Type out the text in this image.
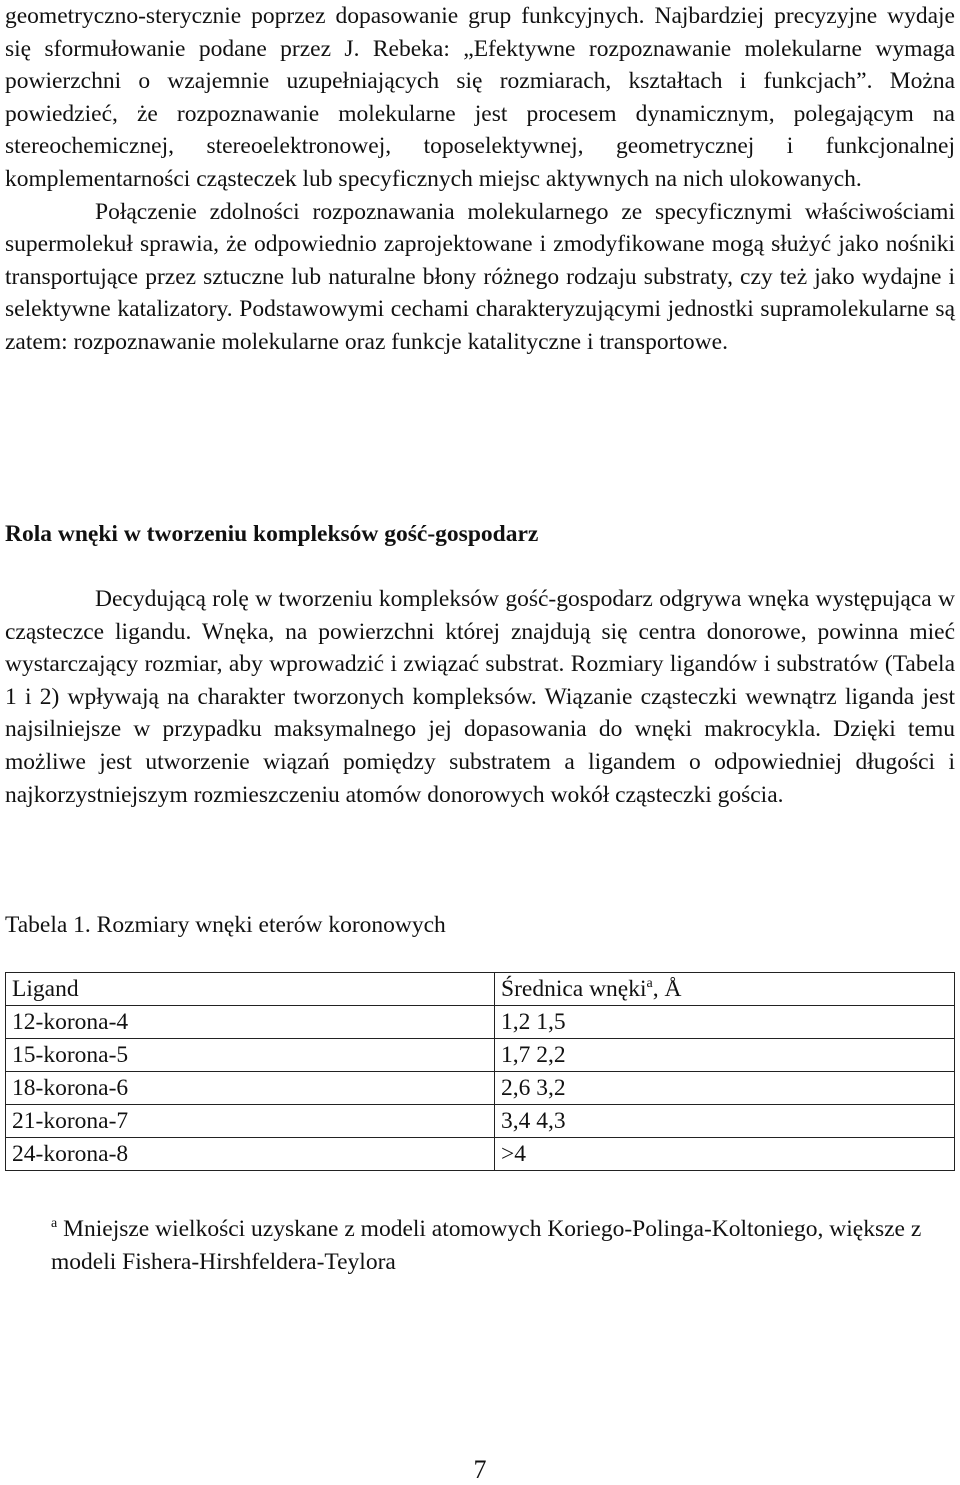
geometryczno-sterycznie poprzez dopasowanie grup funkcyjnych. Najbardziej precyzyjne wydaje się sformułowanie podane przez J. Rebeka: „Efektywne rozpoznawanie molekularne wymaga powierzchni o wzajemnie uzupełniających się rozmiarach, kształtach i funkcjach”. Można powiedzieć, że rozpoznawanie molekularne jest procesem dynamicznym, polegającym na stereochemicznej, stereoelektronowej, toposelektywnej, geometrycznej i funkcjonalnej komplementarności cząsteczek lub specyficznych miejsc aktywnych na nich ulokowanych.

Połączenie zdolności rozpoznawania molekularnego ze specyficznymi właściwościami supermolekuł sprawia, że odpowiednio zaprojektowane i zmodyfikowane mogą służyć jako nośniki transportujące przez sztuczne lub naturalne błony różnego rodzaju substraty, czy też jako wydajne i selektywne katalizatory. Podstawowymi cechami charakteryzującymi jednostki supramolekularne są zatem: rozpoznawanie molekularne oraz funkcje katalityczne i transportowe.

Rola wnęki w tworzeniu kompleksów gość-gospodarz

Decydującą rolę w tworzeniu kompleksów gość-gospodarz odgrywa wnęka występująca w cząsteczce ligandu. Wnęka, na powierzchni której znajdują się centra donorowe, powinna mieć wystarczający rozmiar, aby wprowadzić i związać substrat. Rozmiary ligandów i substratów (Tabela 1 i 2) wpływają na charakter tworzonych kompleksów. Wiązanie cząsteczki wewnątrz liganda jest najsilniejsze w przypadku maksymalnego jej dopasowania do wnęki makrocykla. Dzięki temu możliwe jest utworzenie wiązań pomiędzy substratem a ligandem o odpowiedniej długości i najkorzystniejszym rozmieszczeniu atomów donorowych wokół cząsteczki gościa.

Tabela 1. Rozmiary wnęki eterów koronowych
Ligand	Średnica wnęki$^a$, Å
12-korona-4	1,2 1,5
15-korona-5	1,7 2,2
18-korona-6	2,6 3,2
21-korona-7	3,4 4,3
24-korona-8	>4
$^a$ Mniejsze wielkości uzyskane z modeli atomowych Koriego-Polinga-Koltoniego, większe z modeli Fishera-Hirshfeldera-Teylora
7
